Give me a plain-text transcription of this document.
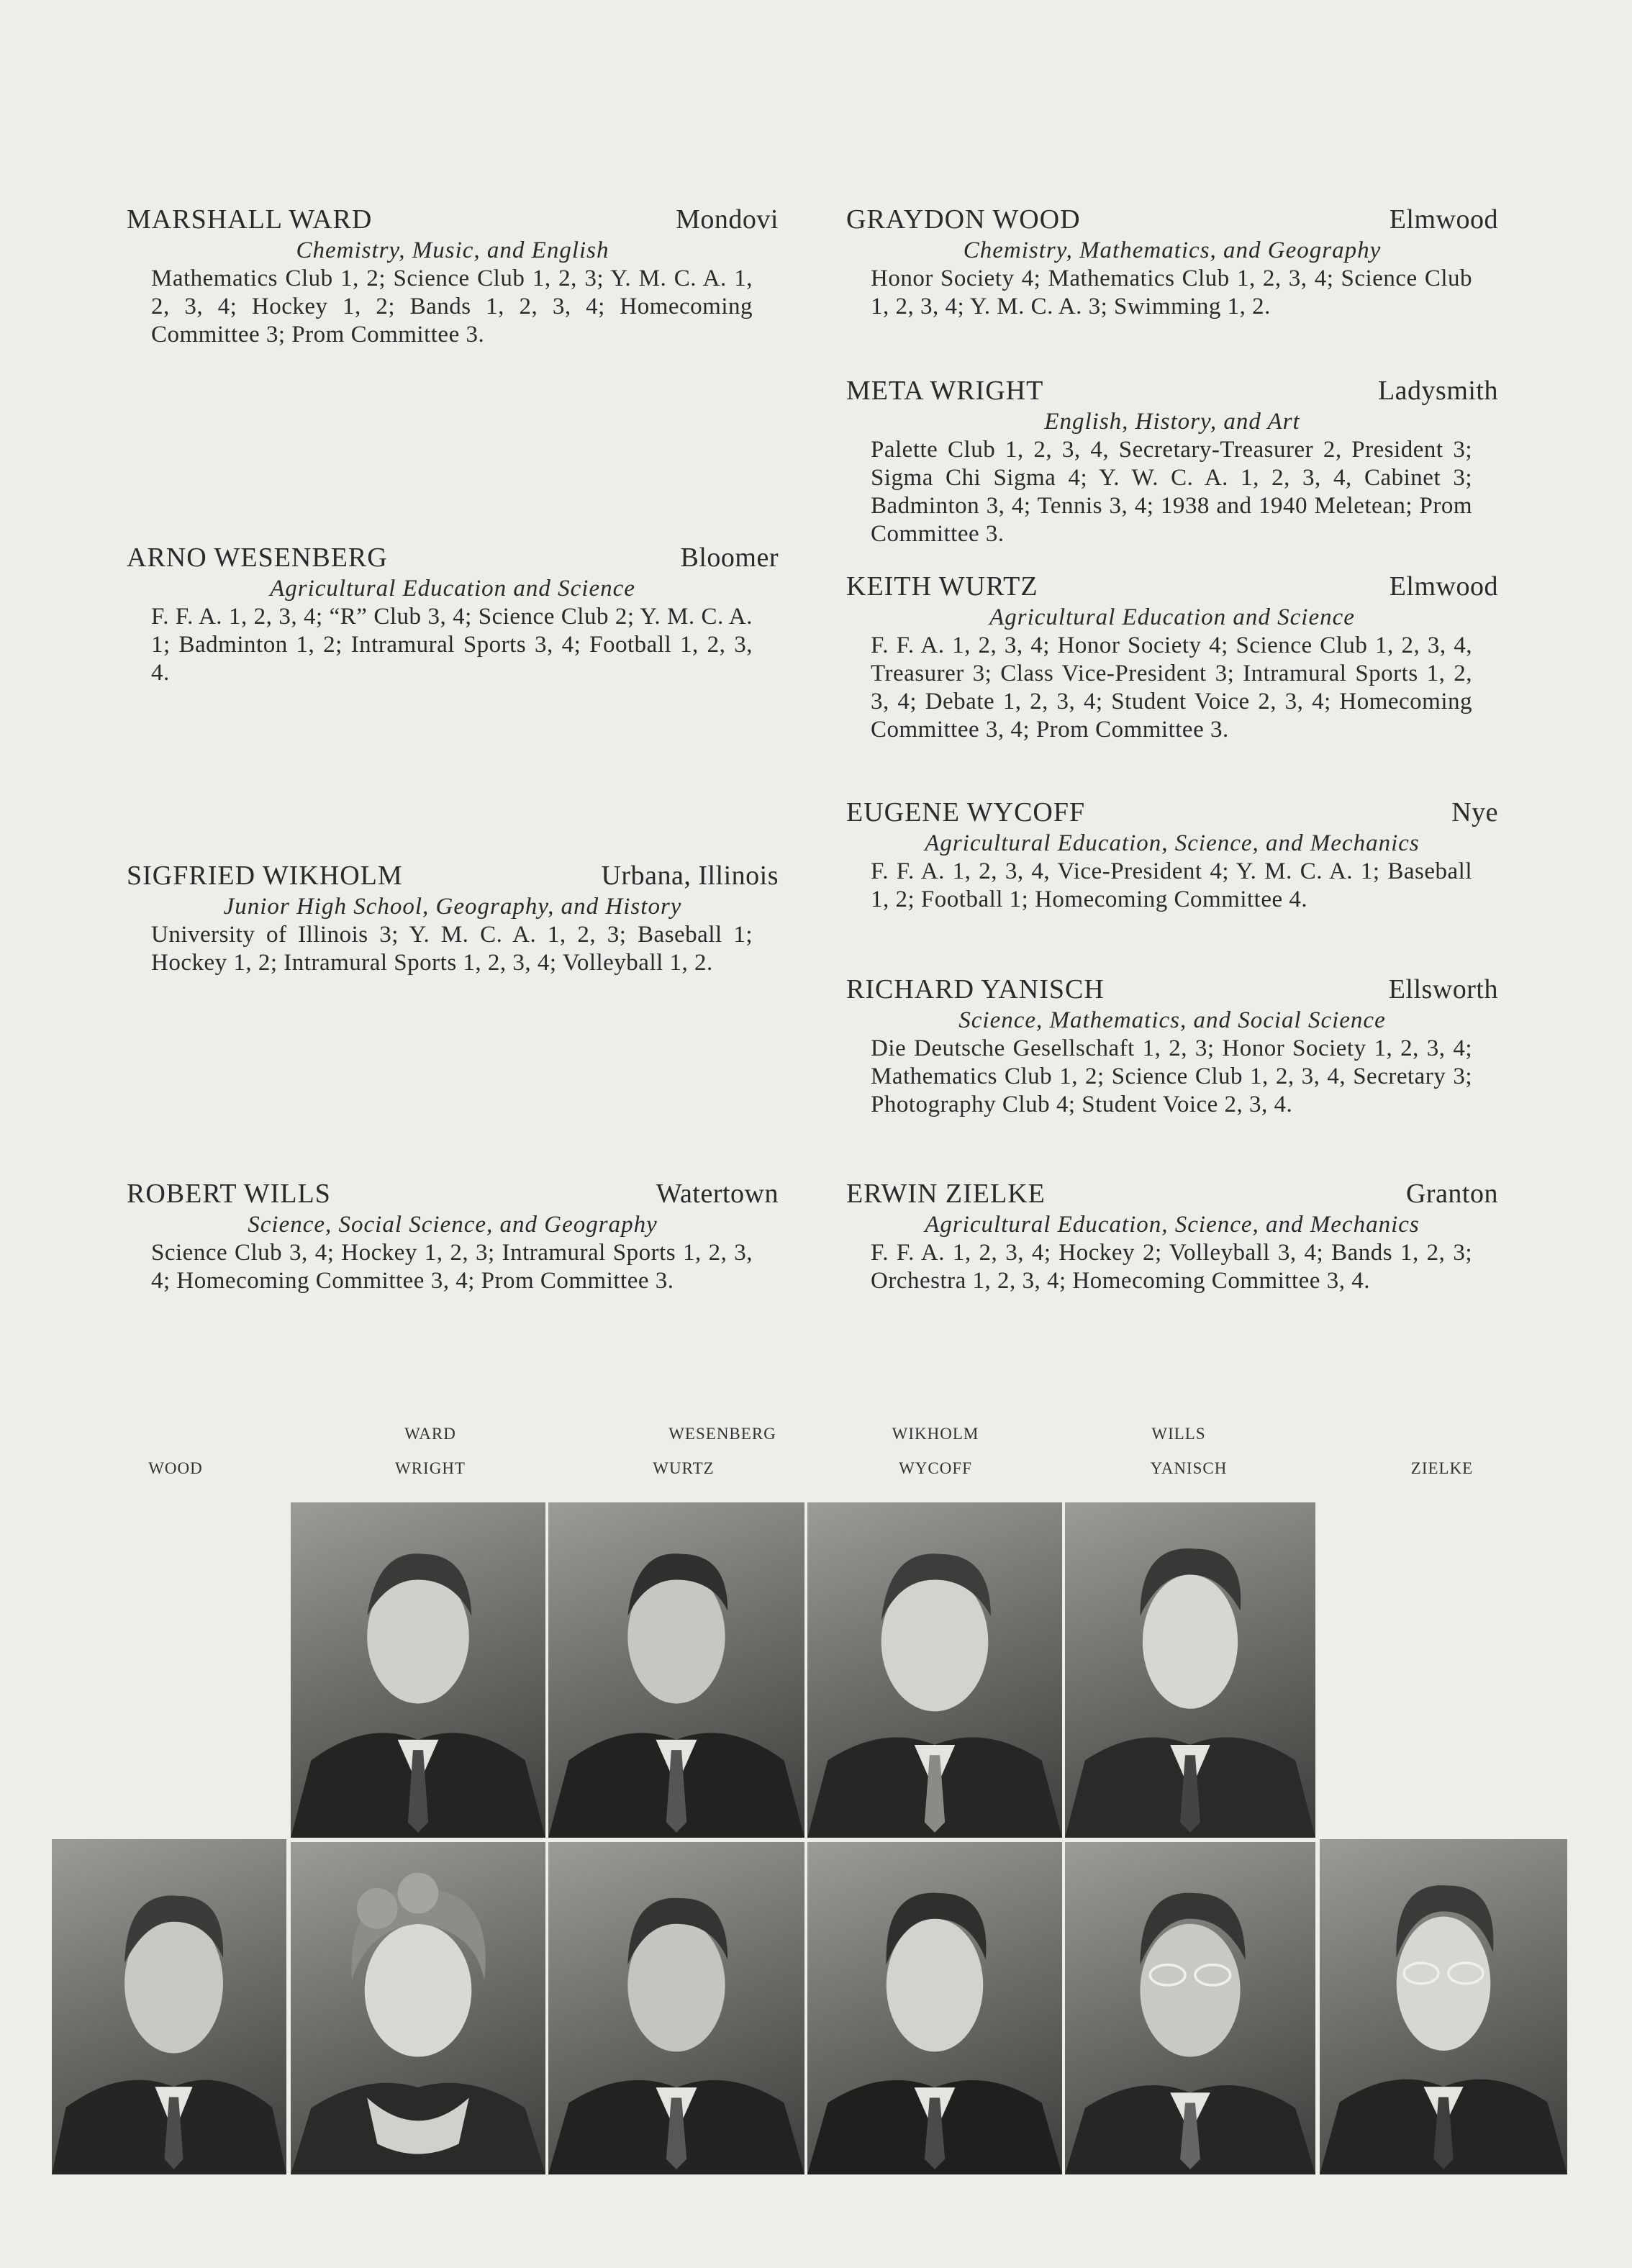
MARSHALL WARD	Mondovi
Chemistry, Music, and English
Mathematics Club 1, 2; Science Club 1, 2, 3; Y. M. C. A. 1, 2, 3, 4; Hockey 1, 2; Bands 1, 2, 3, 4; Homecoming Committee 3; Prom Committee 3.
ARNO WESENBERG	Bloomer
Agricultural Education and Science
F. F. A. 1, 2, 3, 4; “R” Club 3, 4; Science Club 2; Y. M. C. A. 1; Badminton 1, 2; Intramural Sports 3, 4; Football 1, 2, 3, 4.
SIGFRIED WIKHOLM	Urbana, Illinois
Junior High School, Geography, and History
University of Illinois 3; Y. M. C. A. 1, 2, 3; Baseball 1; Hockey 1, 2; Intramural Sports 1, 2, 3, 4; Volleyball 1, 2.
ROBERT WILLS	Watertown
Science, Social Science, and Geography
Science Club 3, 4; Hockey 1, 2, 3; Intramural Sports 1, 2, 3, 4; Homecoming Committee 3, 4; Prom Committee 3.
GRAYDON WOOD	Elmwood
Chemistry, Mathematics, and Geography
Honor Society 4; Mathematics Club 1, 2, 3, 4; Science Club 1, 2, 3, 4; Y. M. C. A. 3; Swimming 1, 2.
META WRIGHT	Ladysmith
English, History, and Art
Palette Club 1, 2, 3, 4, Secretary-Treasurer 2, President 3; Sigma Chi Sigma 4; Y. W. C. A. 1, 2, 3, 4, Cabinet 3; Badminton 3, 4; Tennis 3, 4; 1938 and 1940 Meletean; Prom Committee 3.
KEITH WURTZ	Elmwood
Agricultural Education and Science
F. F. A. 1, 2, 3, 4; Honor Society 4; Science Club 1, 2, 3, 4, Treasurer 3; Class Vice-President 3; Intramural Sports 1, 2, 3, 4; Debate 1, 2, 3, 4; Student Voice 2, 3, 4; Homecoming Committee 3, 4; Prom Committee 3.
EUGENE WYCOFF	Nye
Agricultural Education, Science, and Mechanics
F. F. A. 1, 2, 3, 4, Vice-President 4; Y. M. C. A. 1; Baseball 1, 2; Football 1; Homecoming Committee 4.
RICHARD YANISCH	Ellsworth
Science, Mathematics, and Social Science
Die Deutsche Gesellschaft 1, 2, 3; Honor Society 1, 2, 3, 4; Mathematics Club 1, 2; Science Club 1, 2, 3, 4, Secretary 3; Photography Club 4; Student Voice 2, 3, 4.
ERWIN ZIELKE	Granton
Agricultural Education, Science, and Mechanics
F. F. A. 1, 2, 3, 4; Hockey 2; Volleyball 3, 4; Bands 1, 2, 3; Orchestra 1, 2, 3, 4; Homecoming Committee 3, 4.
WARD	WESENBERG	WIKHOLM	WILLS
WOOD	WRIGHT	WURTZ	WYCOFF	YANISCH	ZIELKE
